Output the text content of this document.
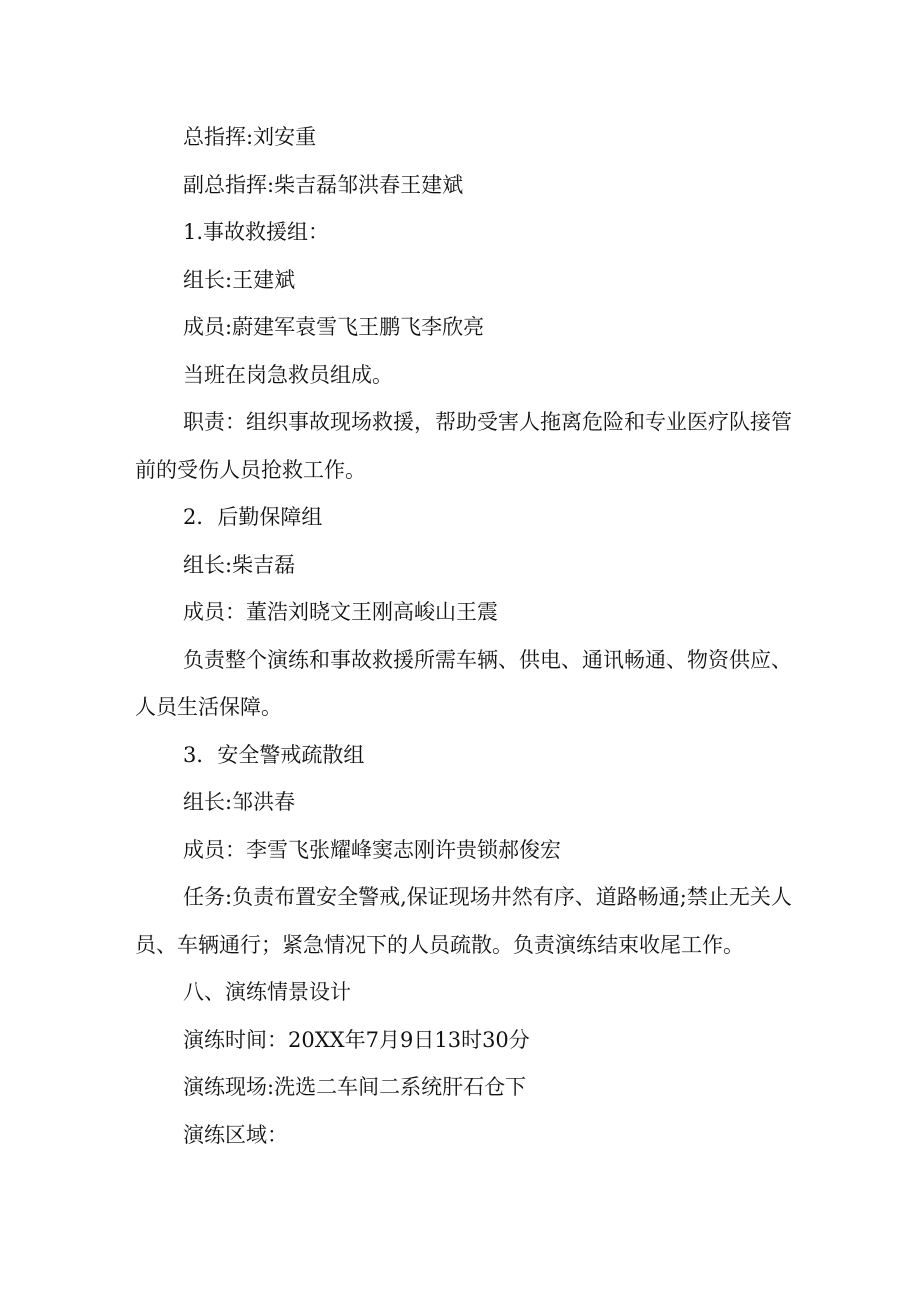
总指挥:刘安重

副总指挥:柴吉磊邹洪春王建斌

1.事故救援组：

组长:王建斌

成员:蔚建军袁雪飞王鹏飞李欣亮

当班在岗急救员组成。

职责：组织事故现场救援，帮助受害人拖离危险和专业医疗队接管前的受伤人员抢救工作。

2．后勤保障组

组长:柴吉磊

成员：董浩刘晓文王刚高峻山王震

负责整个演练和事故救援所需车辆、供电、通讯畅通、物资供应、人员生活保障。

3．安全警戒疏散组

组长:邹洪春

成员：李雪飞张耀峰窦志刚许贵锁郝俊宏

任务:负责布置安全警戒,保证现场井然有序、道路畅通;禁止无关人员、车辆通行；紧急情况下的人员疏散。负责演练结束收尾工作。

八、演练情景设计

演练时间：20XX年7月9日13时30分

演练现场:洗选二车间二系统肝石仓下

演练区域：
